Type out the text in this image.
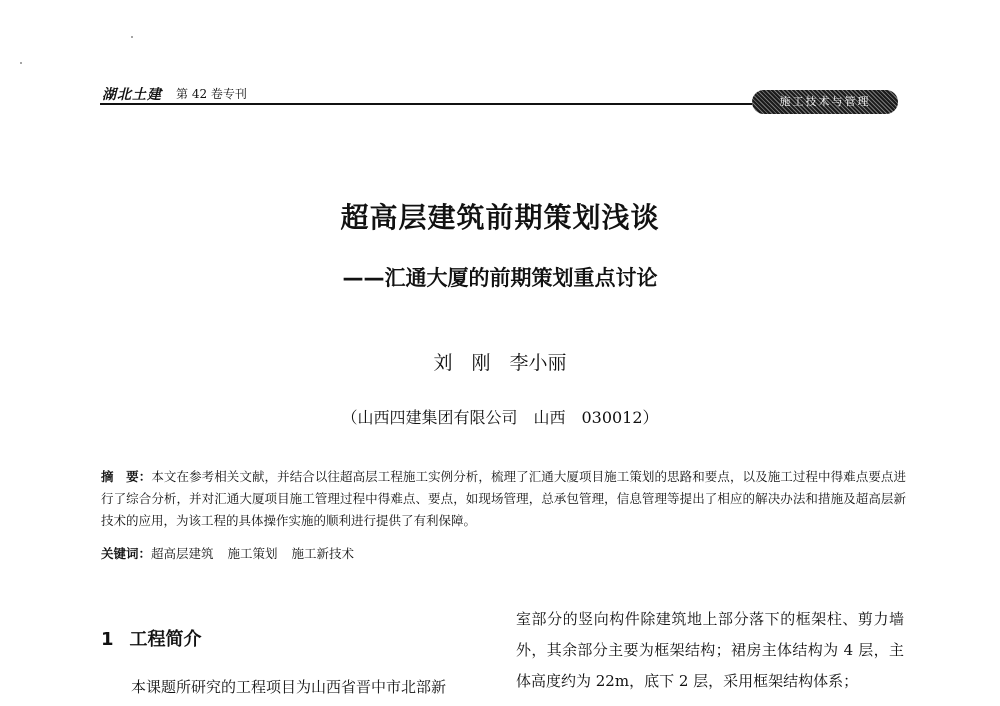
湖北土建 第 42 卷专刊
施工技术与管理
超高层建筑前期策划浅谈
——汇通大厦的前期策划重点讨论
刘　刚　李小丽
（山西四建集团有限公司　山西　030012）
摘　要：本文在参考相关文献，并结合以往超高层工程施工实例分析，梳理了汇通大厦项目施工策划的思路和要点，以及施工过程中得难点要点进行了综合分析，并对汇通大厦项目施工管理过程中得难点、要点，如现场管理，总承包管理，信息管理等提出了相应的解决办法和措施及超高层新技术的应用，为该工程的具体操作实施的顺利进行提供了有利保障。
关键词：超高层建筑 施工策划 施工新技术
1 工程简介
本课题所研究的工程项目为山西省晋中市北部新
室部分的竖向构件除建筑地上部分落下的框架柱、剪力墙外，其余部分主要为框架结构；裙房主体结构为 4 层，主体高度约为 22m，底下 2 层，采用框架结构体系；
